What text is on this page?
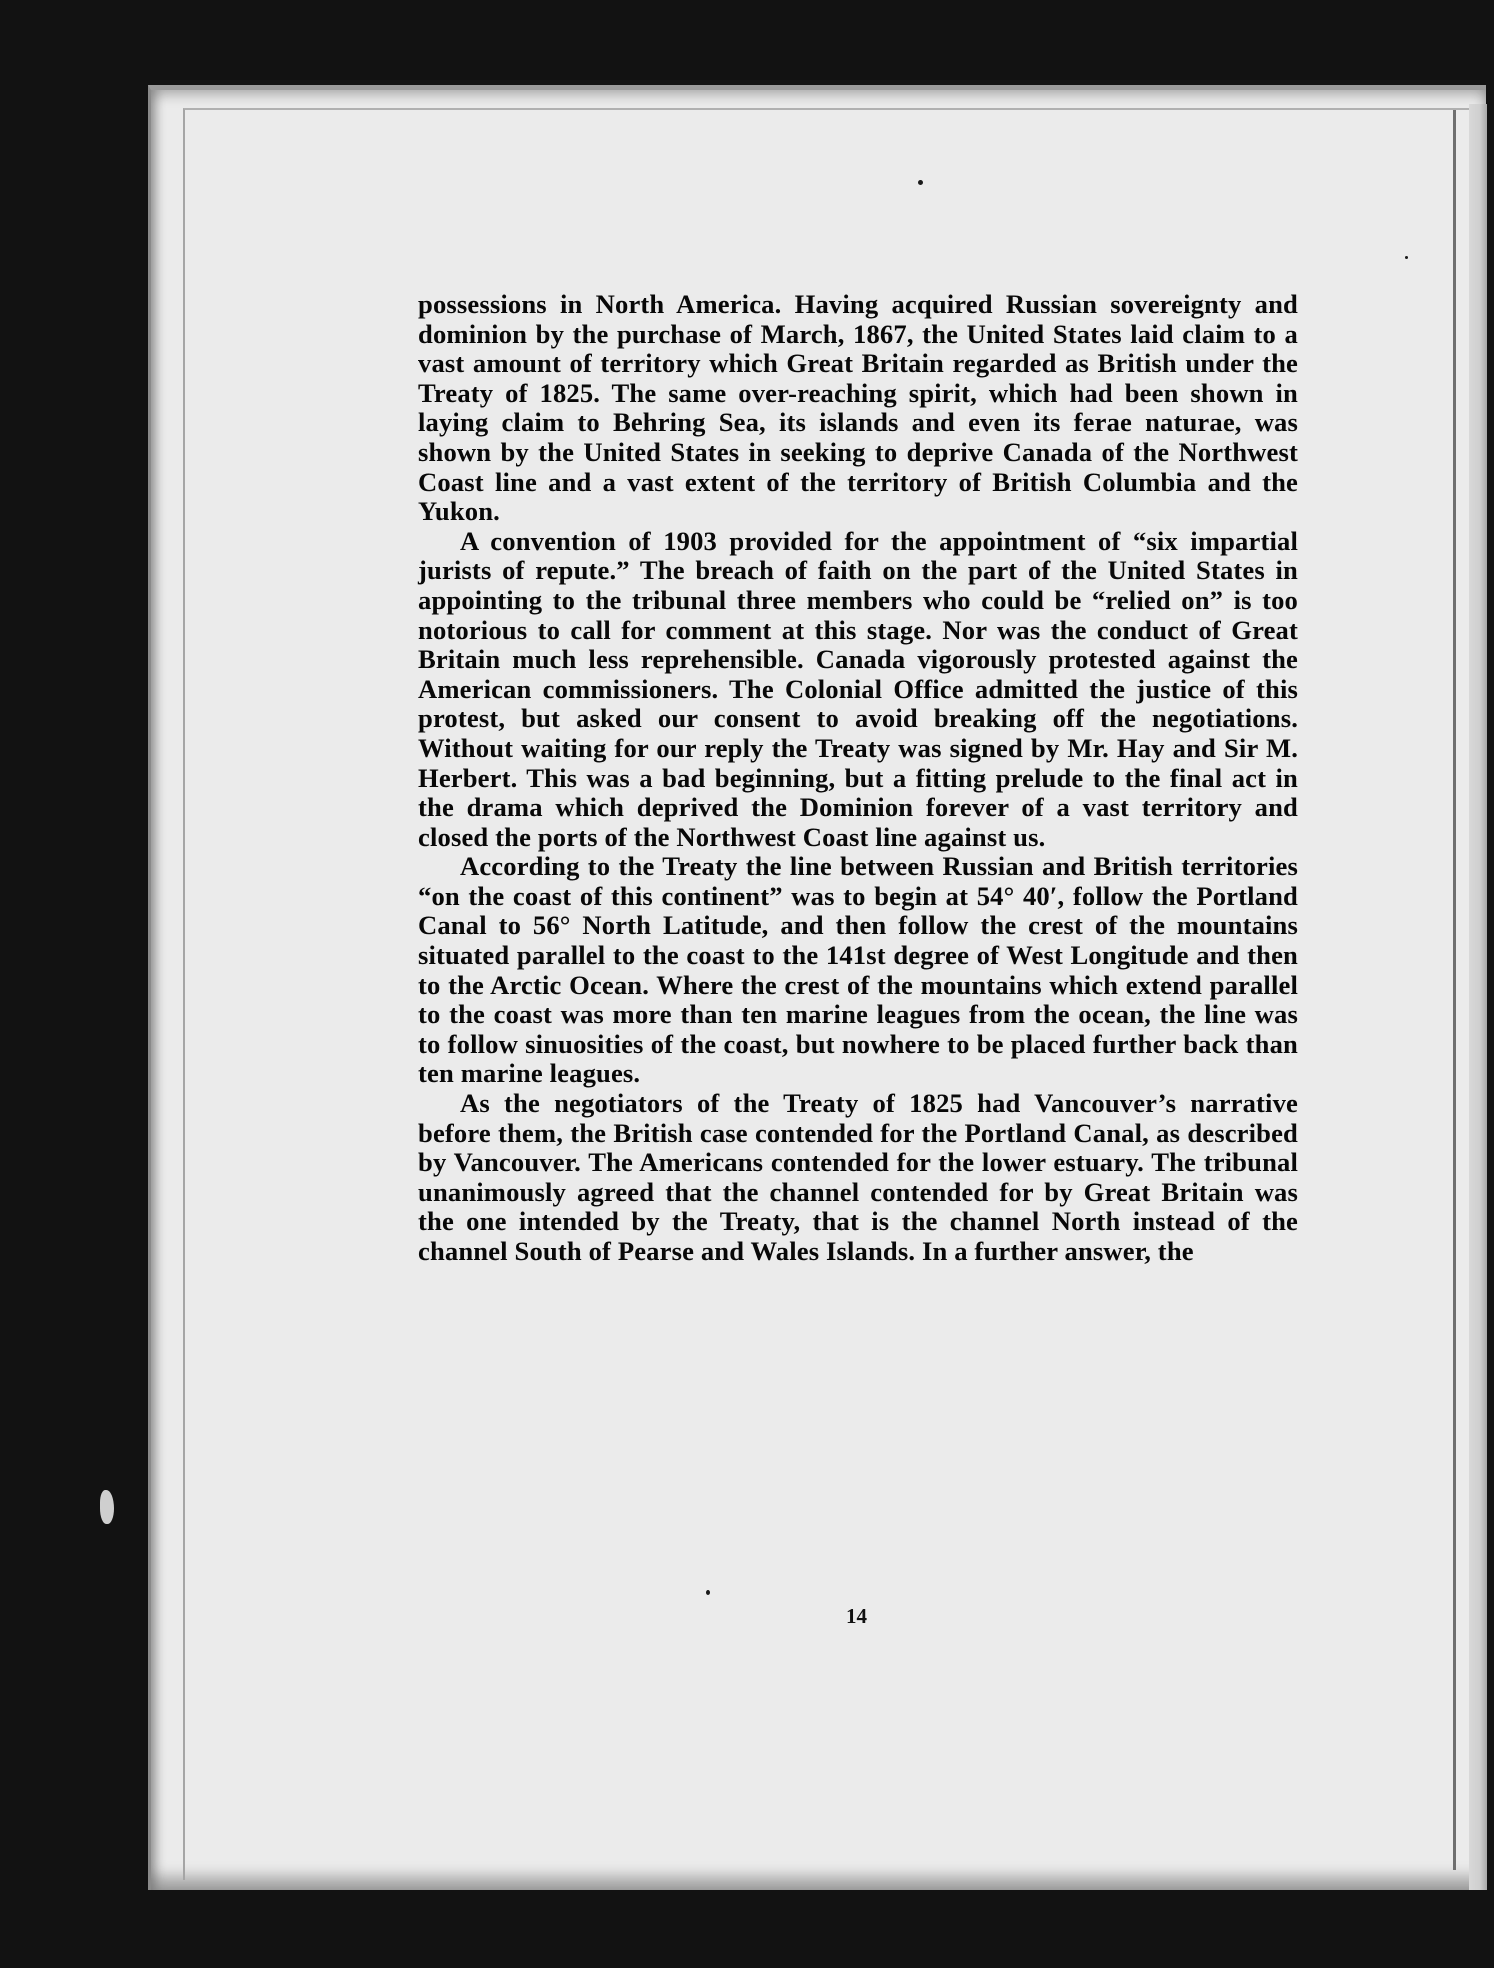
possessions in North America. Having acquired Russian sovereignty and dominion by the purchase of March, 1867, the United States laid claim to a vast amount of territory which Great Britain regarded as British under the Treaty of 1825. The same over-reaching spirit, which had been shown in laying claim to Behring Sea, its islands and even its ferae naturae, was shown by the United States in seeking to deprive Canada of the Northwest Coast line and a vast extent of the territory of British Columbia and the Yukon.

A convention of 1903 provided for the appointment of “six impartial jurists of repute.” The breach of faith on the part of the United States in appointing to the tribunal three members who could be “relied on” is too notorious to call for comment at this stage. Nor was the conduct of Great Britain much less reprehensible. Canada vigorously protested against the American commissioners. The Colonial Office admitted the justice of this protest, but asked our consent to avoid breaking off the negotiations. Without waiting for our reply the Treaty was signed by Mr. Hay and Sir M. Herbert. This was a bad beginning, but a fitting prelude to the final act in the drama which deprived the Dominion forever of a vast territory and closed the ports of the Northwest Coast line against us.

According to the Treaty the line between Russian and British territories “on the coast of this continent” was to begin at 54° 40′, follow the Portland Canal to 56° North Latitude, and then follow the crest of the mountains situated parallel to the coast to the 141st degree of West Longitude and then to the Arctic Ocean. Where the crest of the mountains which extend parallel to the coast was more than ten marine leagues from the ocean, the line was to follow sinuosities of the coast, but nowhere to be placed further back than ten marine leagues.

As the negotiators of the Treaty of 1825 had Vancouver’s narrative before them, the British case contended for the Portland Canal, as described by Vancouver. The Americans contended for the lower estuary. The tribunal unanimously agreed that the channel contended for by Great Britain was the one intended by the Treaty, that is the channel North instead of the channel South of Pearse and Wales Islands. In a further answer, the

14
